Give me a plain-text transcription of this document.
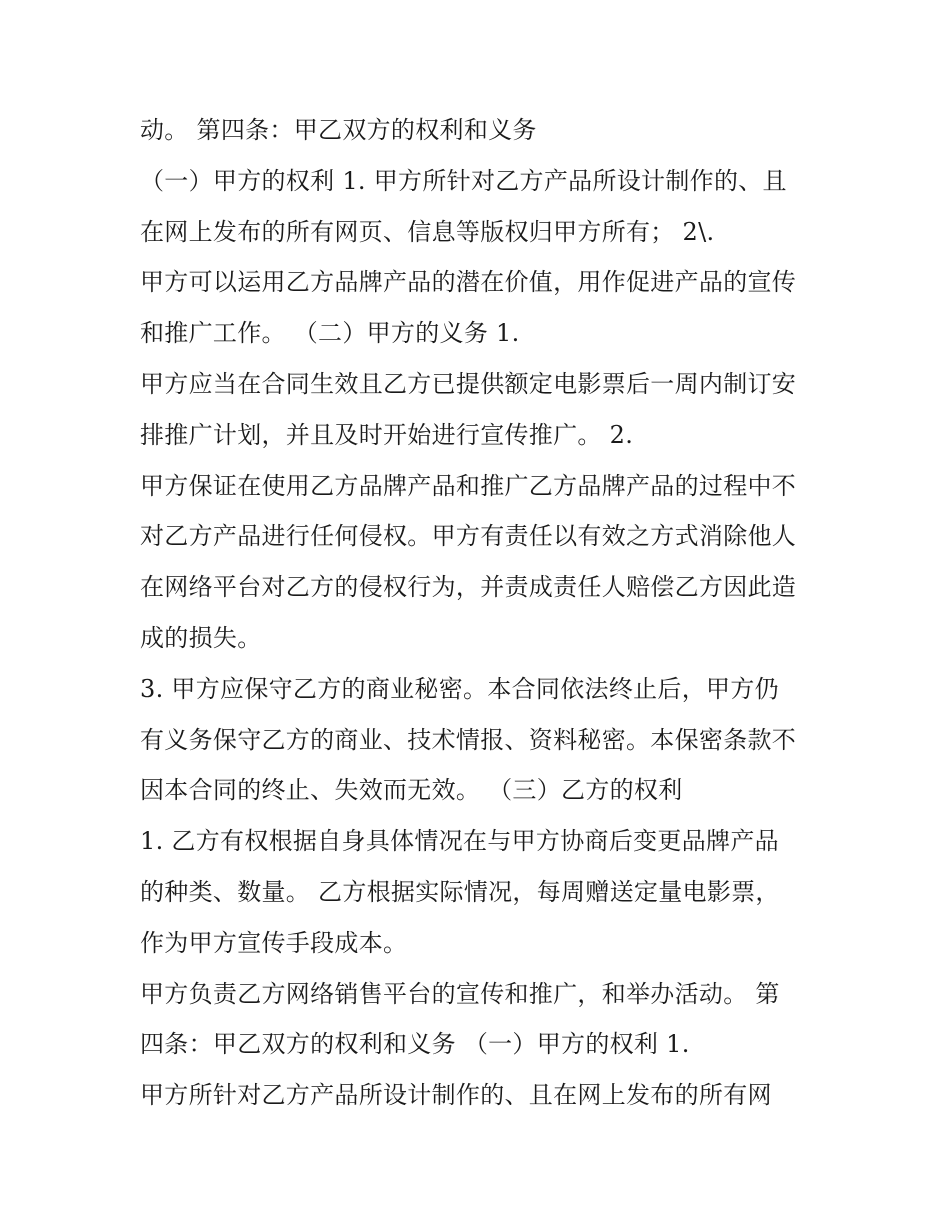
动。 第四条：甲乙双方的权利和义务
（一）甲方的权利 1. 甲方所针对乙方产品所设计制作的、且
在网上发布的所有网页、信息等版权归甲方所有； 2\.
甲方可以运用乙方品牌产品的潜在价值，用作促进产品的宣传
和推广工作。 （二）甲方的义务 1.
甲方应当在合同生效且乙方已提供额定电影票后一周内制订安
排推广计划，并且及时开始进行宣传推广。 2.
甲方保证在使用乙方品牌产品和推广乙方品牌产品的过程中不
对乙方产品进行任何侵权。甲方有责任以有效之方式消除他人
在网络平台对乙方的侵权行为，并责成责任人赔偿乙方因此造
成的损失。
3. 甲方应保守乙方的商业秘密。本合同依法终止后，甲方仍
有义务保守乙方的商业、技术情报、资料秘密。本保密条款不
因本合同的终止、失效而无效。 （三）乙方的权利
1. 乙方有权根据自身具体情况在与甲方协商后变更品牌产品
的种类、数量。 乙方根据实际情况，每周赠送定量电影票，
作为甲方宣传手段成本。
甲方负责乙方网络销售平台的宣传和推广，和举办活动。 第
四条：甲乙双方的权利和义务 （一）甲方的权利 1.
甲方所针对乙方产品所设计制作的、且在网上发布的所有网
